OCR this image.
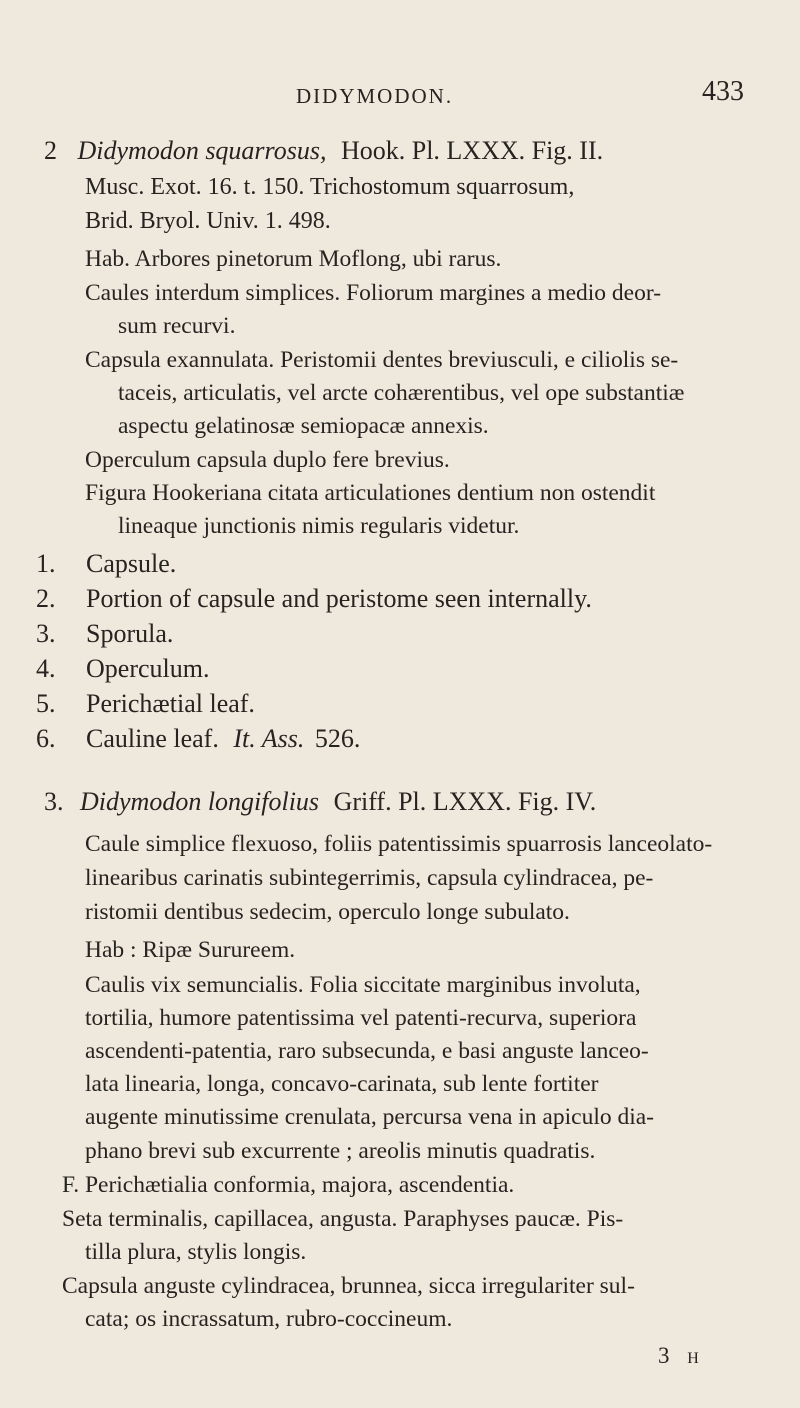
DIDYMODON.	433
2 Didymodon squarrosus, Hook. Pl. LXXX. Fig. II.
Musc. Exot. 16. t. 150. Trichostomum squarrosum,
Brid. Bryol. Univ. 1. 498.
Hab. Arbores pinetorum Moflong, ubi rarus.
Caules interdum simplices. Foliorum margines a medio deor-
sum recurvi.
Capsula exannulata. Peristomii dentes breviusculi, e ciliolis se-
taceis, articulatis, vel arcte cohærentibus, vel ope substantiæ
aspectu gelatinosæ semiopacæ annexis.
Operculum capsula duplo fere brevius.
Figura Hookeriana citata articulationes dentium non ostendit
lineaque junctionis nimis regularis videtur.
1. Capsule.
2. Portion of capsule and peristome seen internally.
3. Sporula.
4. Operculum.
5. Perichætial leaf.
6. Cauline leaf. It. Ass. 526.
3. Didymodon longifolius Griff. Pl. LXXX. Fig. IV.
Caule simplice flexuoso, foliis patentissimis spuarrosis lanceolato-
linearibus carinatis subintegerrimis, capsula cylindracea, pe-
ristomii dentibus sedecim, operculo longe subulato.
Hab : Ripæ Surureem.
Caulis vix semuncialis. Folia siccitate marginibus involuta,
tortilia, humore patentissima vel patenti-recurva, superiora
ascendenti-patentia, raro subsecunda, e basi anguste lanceo-
lata linearia, longa, concavo-carinata, sub lente fortiter
augente minutissime crenulata, percursa vena in apiculo dia-
phano brevi sub excurrente ; areolis minutis quadratis.
F. Perichætialia conformia, majora, ascendentia.
Seta terminalis, capillacea, angusta. Paraphyses paucæ. Pis-
tilla plura, stylis longis.
Capsula anguste cylindracea, brunnea, sicca irregulariter sul-
cata; os incrassatum, rubro-coccineum.
3 H
